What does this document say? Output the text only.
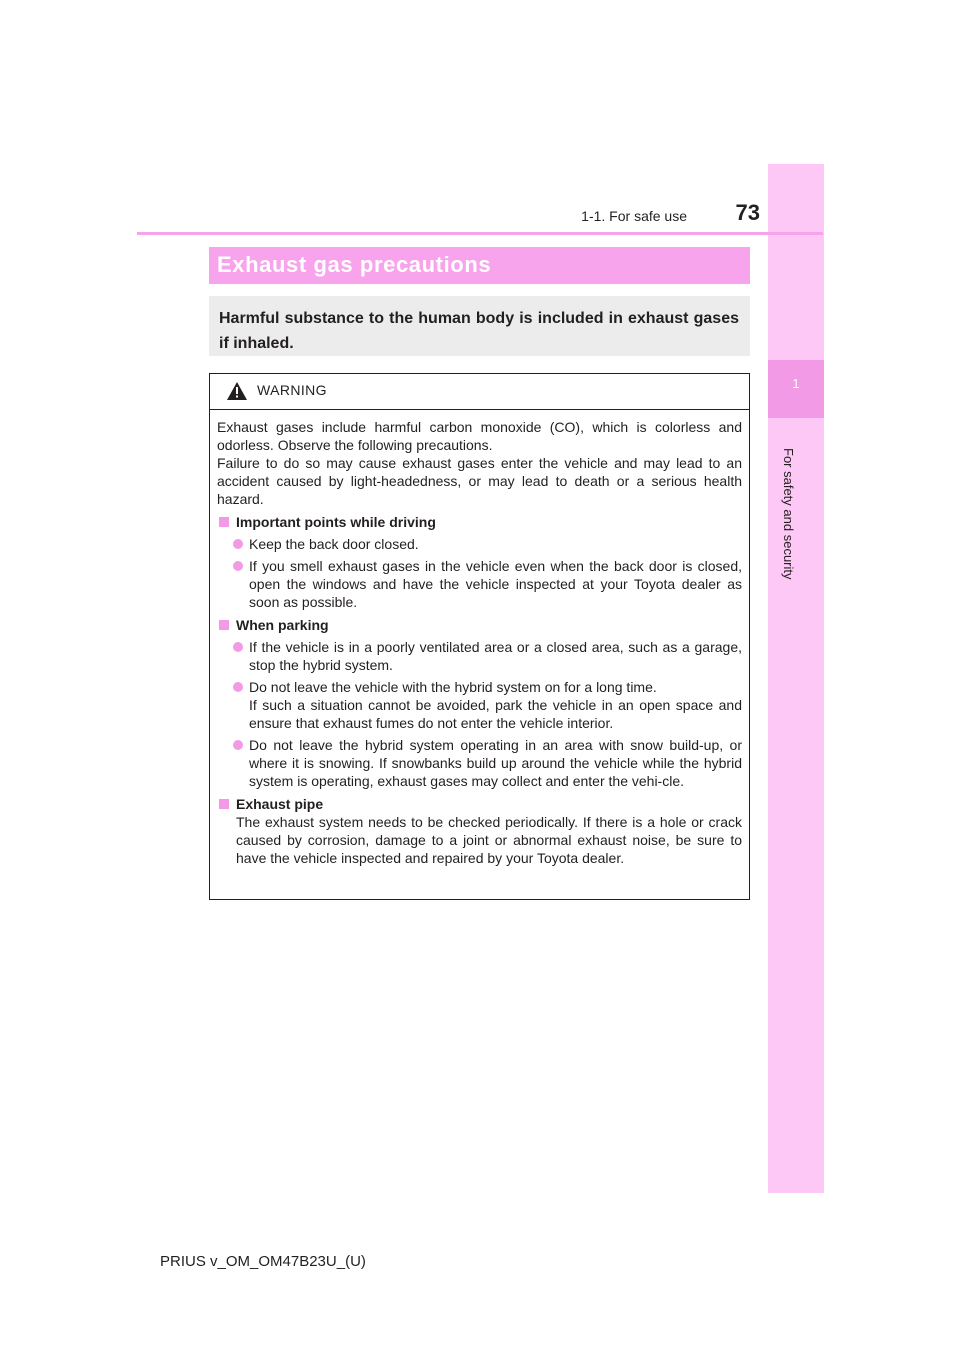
1
For safety and security
1-1. For safe use	73
Exhaust gas precautions
Harmful substance to the human body is included in exhaust gases if inhaled.
WARNING

Exhaust gases include harmful carbon monoxide (CO), which is colorless and odorless. Observe the following precautions.

Failure to do so may cause exhaust gases enter the vehicle and may lead to an accident caused by light-headedness, or may lead to death or a serious health hazard.

Important points while driving
Keep the back door closed.
If you smell exhaust gases in the vehicle even when the back door is closed, open the windows and have the vehicle inspected at your Toyota dealer as soon as possible.
When parking
If the vehicle is in a poorly ventilated area or a closed area, such as a garage, stop the hybrid system.
Do not leave the vehicle with the hybrid system on for a long time.
If such a situation cannot be avoided, park the vehicle in an open space and ensure that exhaust fumes do not enter the vehicle interior.
Do not leave the hybrid system operating in an area with snow build-up, or where it is snowing. If snowbanks build up around the vehicle while the hybrid system is operating, exhaust gases may collect and enter the vehi-cle.
Exhaust pipe
The exhaust system needs to be checked periodically. If there is a hole or crack caused by corrosion, damage to a joint or abnormal exhaust noise, be sure to have the vehicle inspected and repaired by your Toyota dealer.
PRIUS v_OM_OM47B23U_(U)
